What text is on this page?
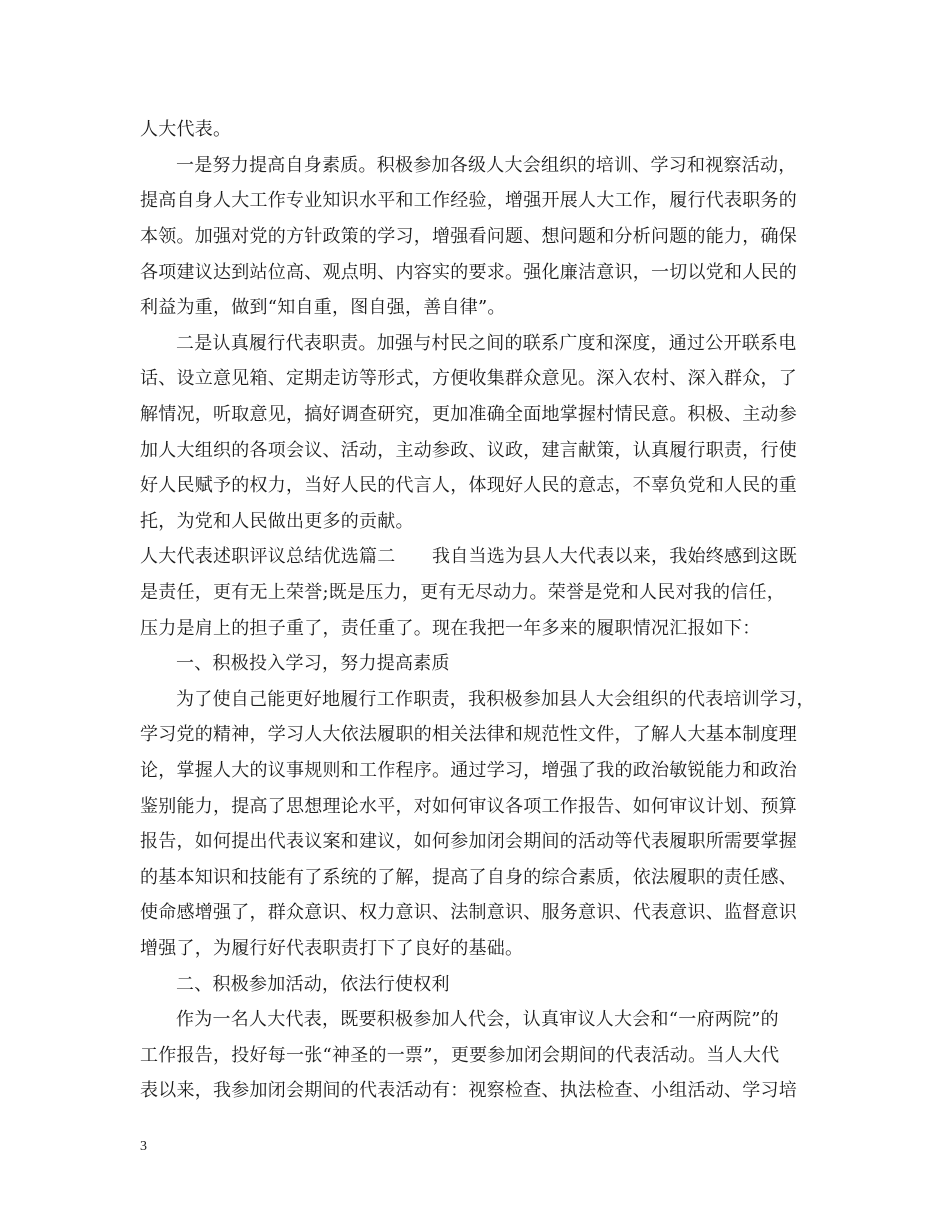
人大代表。
一是努力提高自身素质。积极参加各级人大会组织的培训、学习和视察活动，
提高自身人大工作专业知识水平和工作经验，增强开展人大工作，履行代表职务的
本领。加强对党的方针政策的学习，增强看问题、想问题和分析问题的能力，确保
各项建议达到站位高、观点明、内容实的要求。强化廉洁意识，一切以党和人民的
利益为重，做到“知自重，图自强，善自律”。
二是认真履行代表职责。加强与村民之间的联系广度和深度，通过公开联系电
话、设立意见箱、定期走访等形式，方便收集群众意见。深入农村、深入群众，了
解情况，听取意见，搞好调查研究，更加准确全面地掌握村情民意。积极、主动参
加人大组织的各项会议、活动，主动参政、议政，建言献策，认真履行职责，行使
好人民赋予的权力，当好人民的代言人，体现好人民的意志，不辜负党和人民的重
托，为党和人民做出更多的贡献。
人大代表述职评议总结优选篇二　　我自当选为县人大代表以来，我始终感到这既
是责任，更有无上荣誉;既是压力，更有无尽动力。荣誉是党和人民对我的信任，
压力是肩上的担子重了，责任重了。现在我把一年多来的履职情况汇报如下：
一、积极投入学习，努力提高素质
为了使自己能更好地履行工作职责，我积极参加县人大会组织的代表培训学习，
学习党的精神，学习人大依法履职的相关法律和规范性文件，了解人大基本制度理
论，掌握人大的议事规则和工作程序。通过学习，增强了我的政治敏锐能力和政治
鉴别能力，提高了思想理论水平，对如何审议各项工作报告、如何审议计划、预算
报告，如何提出代表议案和建议，如何参加闭会期间的活动等代表履职所需要掌握
的基本知识和技能有了系统的了解，提高了自身的综合素质，依法履职的责任感、
使命感增强了，群众意识、权力意识、法制意识、服务意识、代表意识、监督意识
增强了，为履行好代表职责打下了良好的基础。
二、积极参加活动，依法行使权利
作为一名人大代表，既要积极参加人代会，认真审议人大会和“一府两院”的
工作报告，投好每一张“神圣的一票”，更要参加闭会期间的代表活动。当人大代
表以来，我参加闭会期间的代表活动有：视察检查、执法检查、小组活动、学习培
3
